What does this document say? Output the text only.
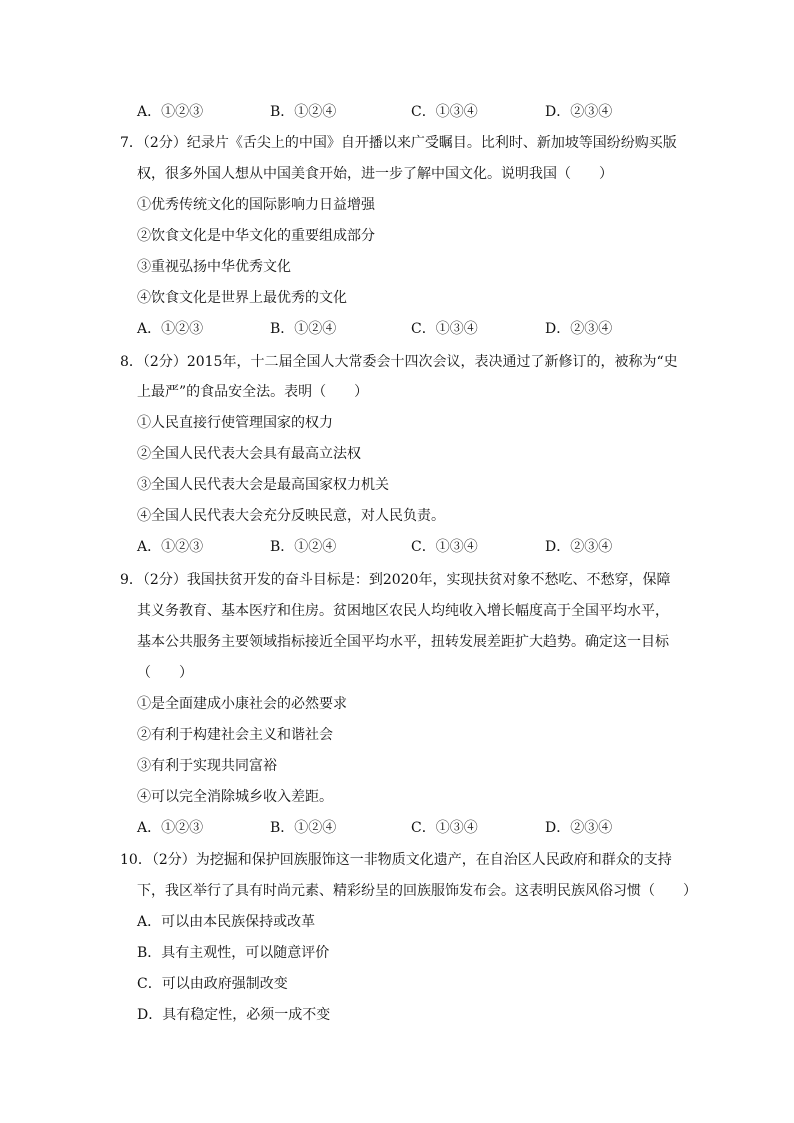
A．①②③	B．①②④	C．①③④	D．②③④
7．（2分）纪录片《舌尖上的中国》自开播以来广受瞩目。比利时、新加坡等国纷纷购买版
权，很多外国人想从中国美食开始，进一步了解中国文化。说明我国（　　）
①优秀传统文化的国际影响力日益增强
②饮食文化是中华文化的重要组成部分
③重视弘扬中华优秀文化
④饮食文化是世界上最优秀的文化
A．①②③	B．①②④	C．①③④	D．②③④
8．（2分）2015年，十二届全国人大常委会十四次会议，表决通过了新修订的，被称为“史
上最严”的食品安全法。表明（　　）
①人民直接行使管理国家的权力
②全国人民代表大会具有最高立法权
③全国人民代表大会是最高国家权力机关
④全国人民代表大会充分反映民意，对人民负责。
A．①②③	B．①②④	C．①③④	D．②③④
9．（2分）我国扶贫开发的奋斗目标是：到2020年，实现扶贫对象不愁吃、不愁穿，保障
其义务教育、基本医疗和住房。贫困地区农民人均纯收入增长幅度高于全国平均水平，
基本公共服务主要领域指标接近全国平均水平，扭转发展差距扩大趋势。确定这一目标
（　　）
①是全面建成小康社会的必然要求
②有利于构建社会主义和谐社会
③有利于实现共同富裕
④可以完全消除城乡收入差距。
A．①②③	B．①②④	C．①③④	D．②③④
10．（2分）为挖掘和保护回族服饰这一非物质文化遗产，在自治区人民政府和群众的支持
下，我区举行了具有时尚元素、精彩纷呈的回族服饰发布会。这表明民族风俗习惯（　　）
A．可以由本民族保持或改革
B．具有主观性，可以随意评价
C．可以由政府强制改变
D．具有稳定性，必须一成不变
